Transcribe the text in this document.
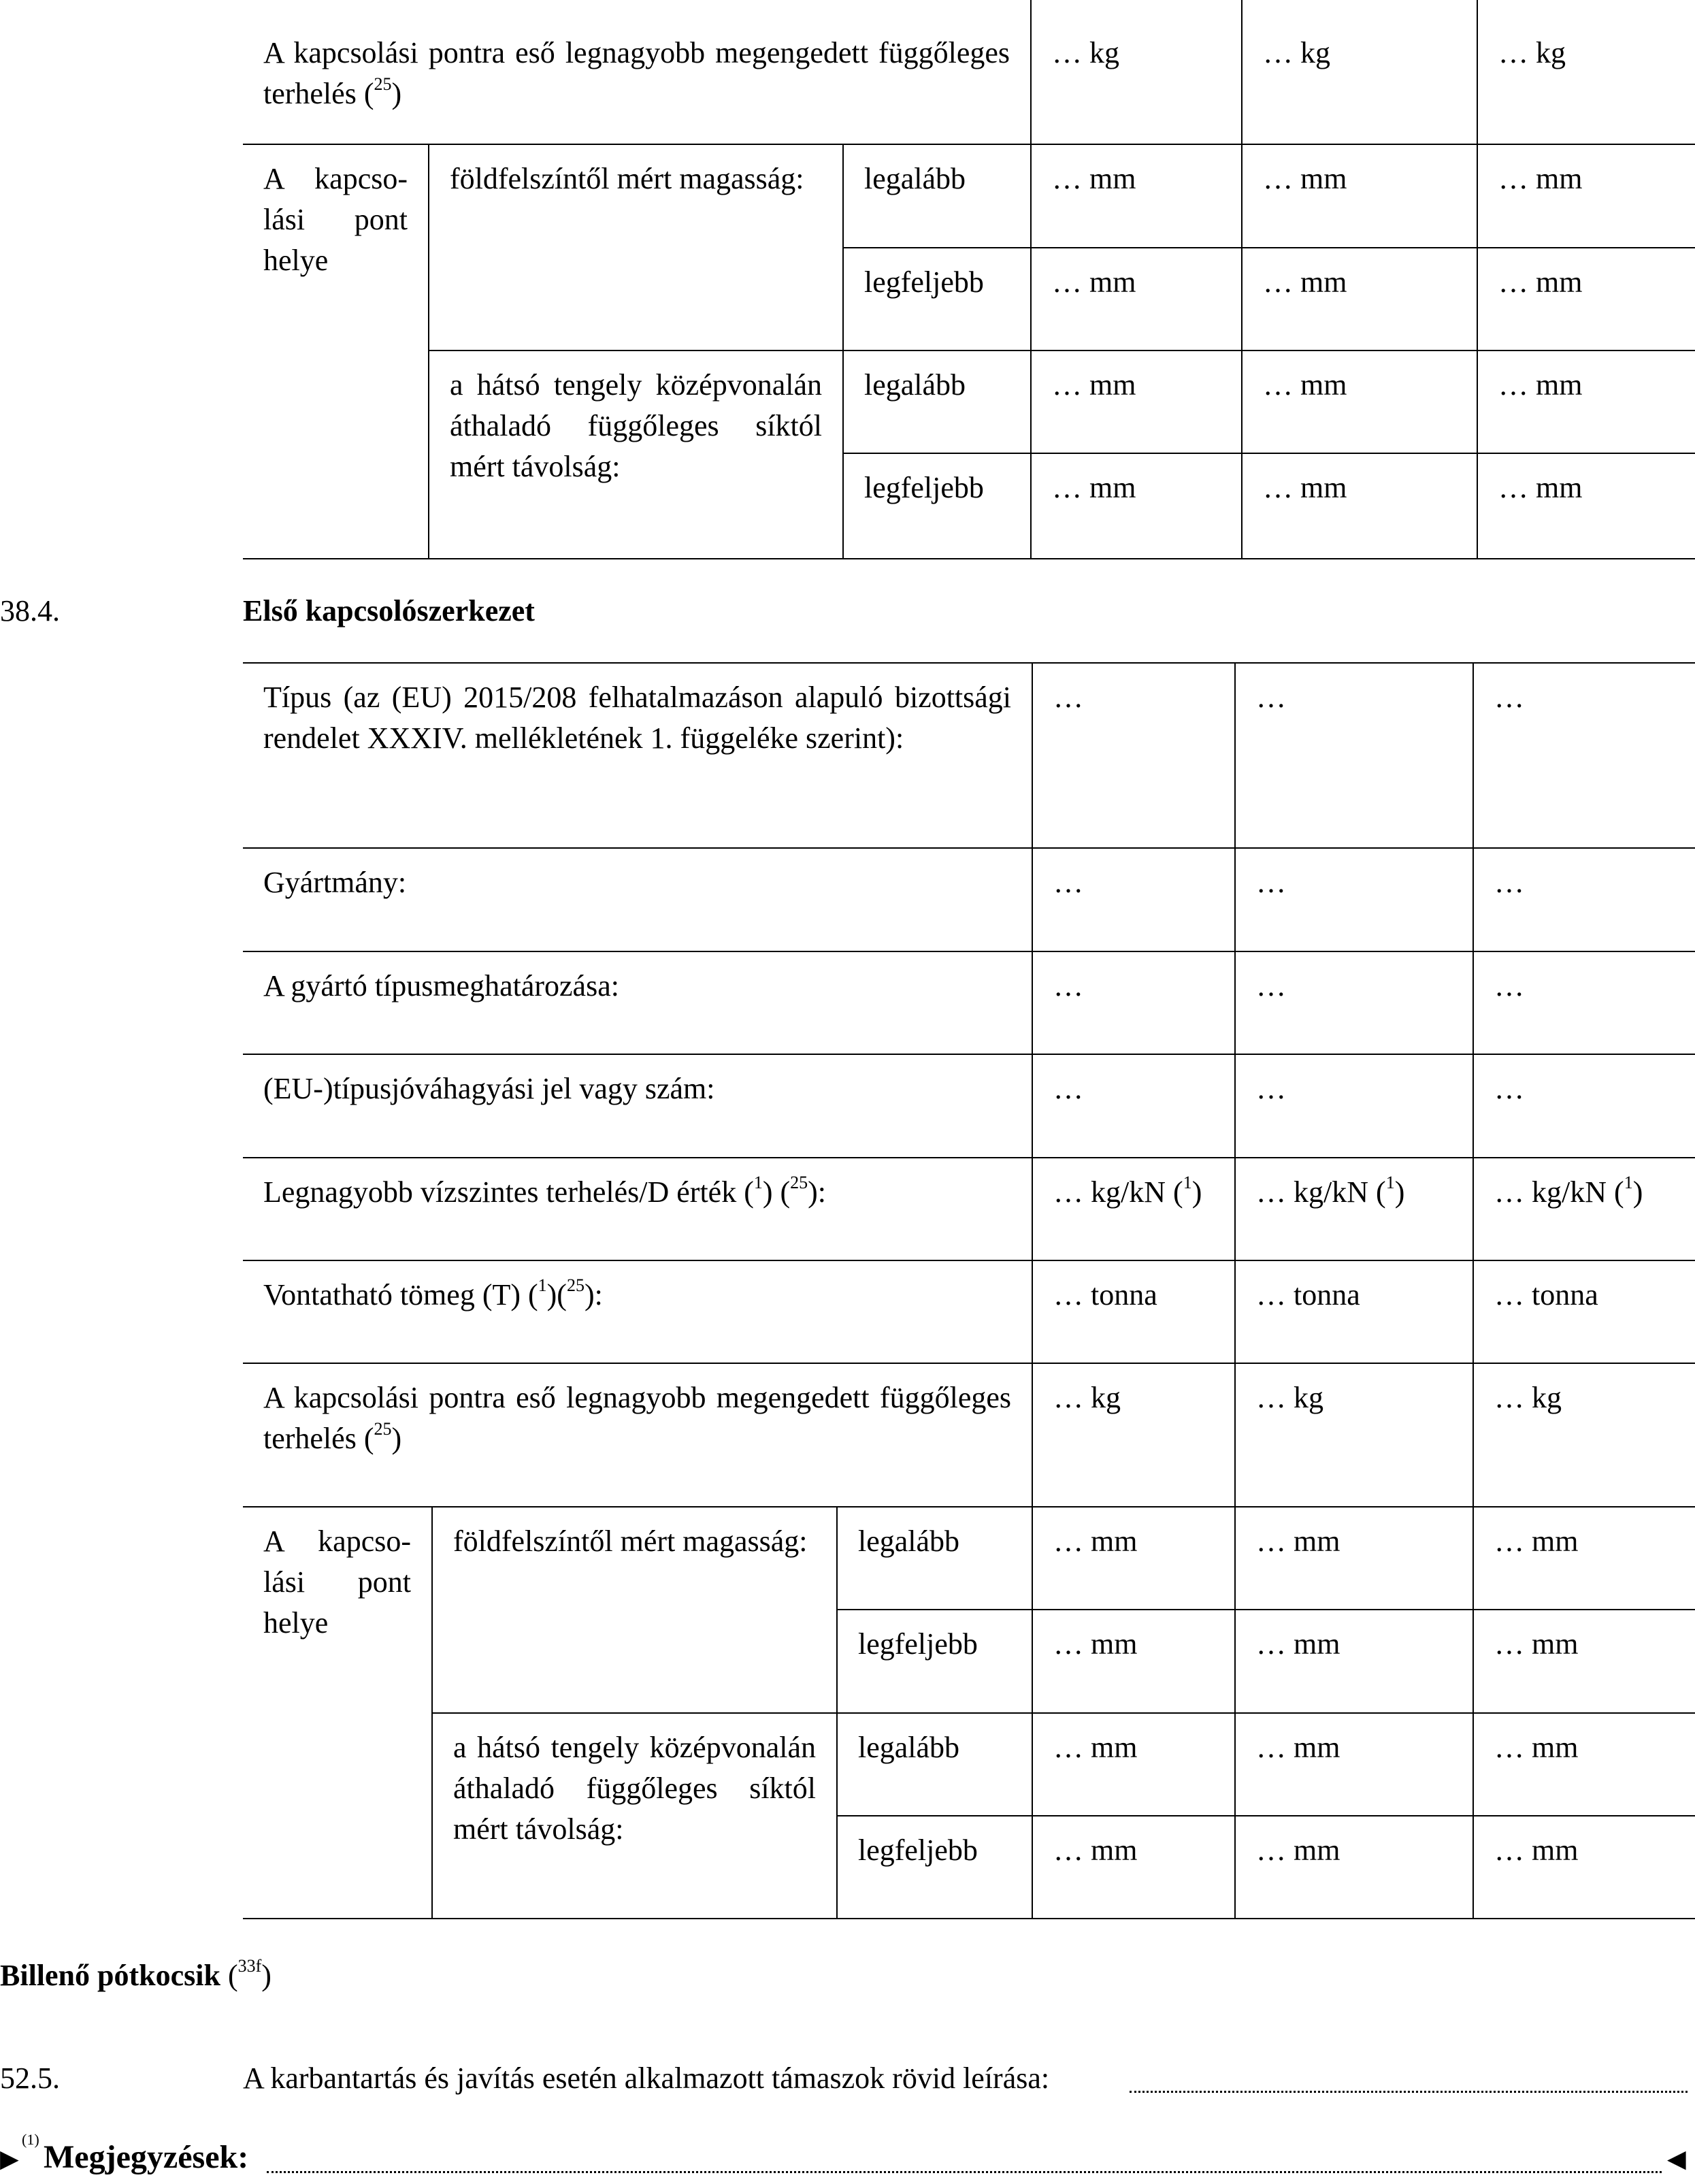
A kapcsolási pontra eső legnagyobb megengedett függőleges terhelés ($^{25}$)			… kg	… kg	… kg
A kapcsolási pont helye	földfelszíntől mért magasság:	legalább	… mm	… mm	… mm
		legfeljebb	… mm	… mm	… mm
	a hátsó tengely középvonalán áthaladó függőleges síktól mért távolság:	legalább	… mm	… mm	… mm
		legfeljebb	… mm	… mm	… mm
38.4.	Első kapcsolószerkezet
Típus (az (EU) 2015/208 felhatalmazáson alapuló bizottsági rendelet XXXIV. mellékletének 1. függeléke szerint):			…	…	…
Gyártmány:			…	…	…
A gyártó típusmeghatározása:			…	…	…
(EU-)típusjóváhagyási jel vagy szám:			…	…	…
Legnagyobb vízszintes terhelés/D érték ($^1$) ($^{25}$):			… kg/kN ($^1$)	… kg/kN ($^1$)	… kg/kN ($^1$)
Vontatható tömeg (T) ($^1$)($^{25}$):			… tonna	… tonna	… tonna
A kapcsolási pontra eső legnagyobb megengedett függőleges terhelés ($^{25}$)			… kg	… kg	… kg
A kapcsolási pont helye	földfelszíntől mért magasság:	legalább	… mm	… mm	… mm
		legfeljebb	… mm	… mm	… mm
	a hátsó tengely középvonalán áthaladó függőleges síktól mért távolság:	legalább	… mm	… mm	… mm
		legfeljebb	… mm	… mm	… mm
Billenő pótkocsik ($^{33f}$)
52.5.	A karbantartás és javítás esetén alkalmazott támaszok rövid leírása:
▶
(1) Megjegyzések:	◀
